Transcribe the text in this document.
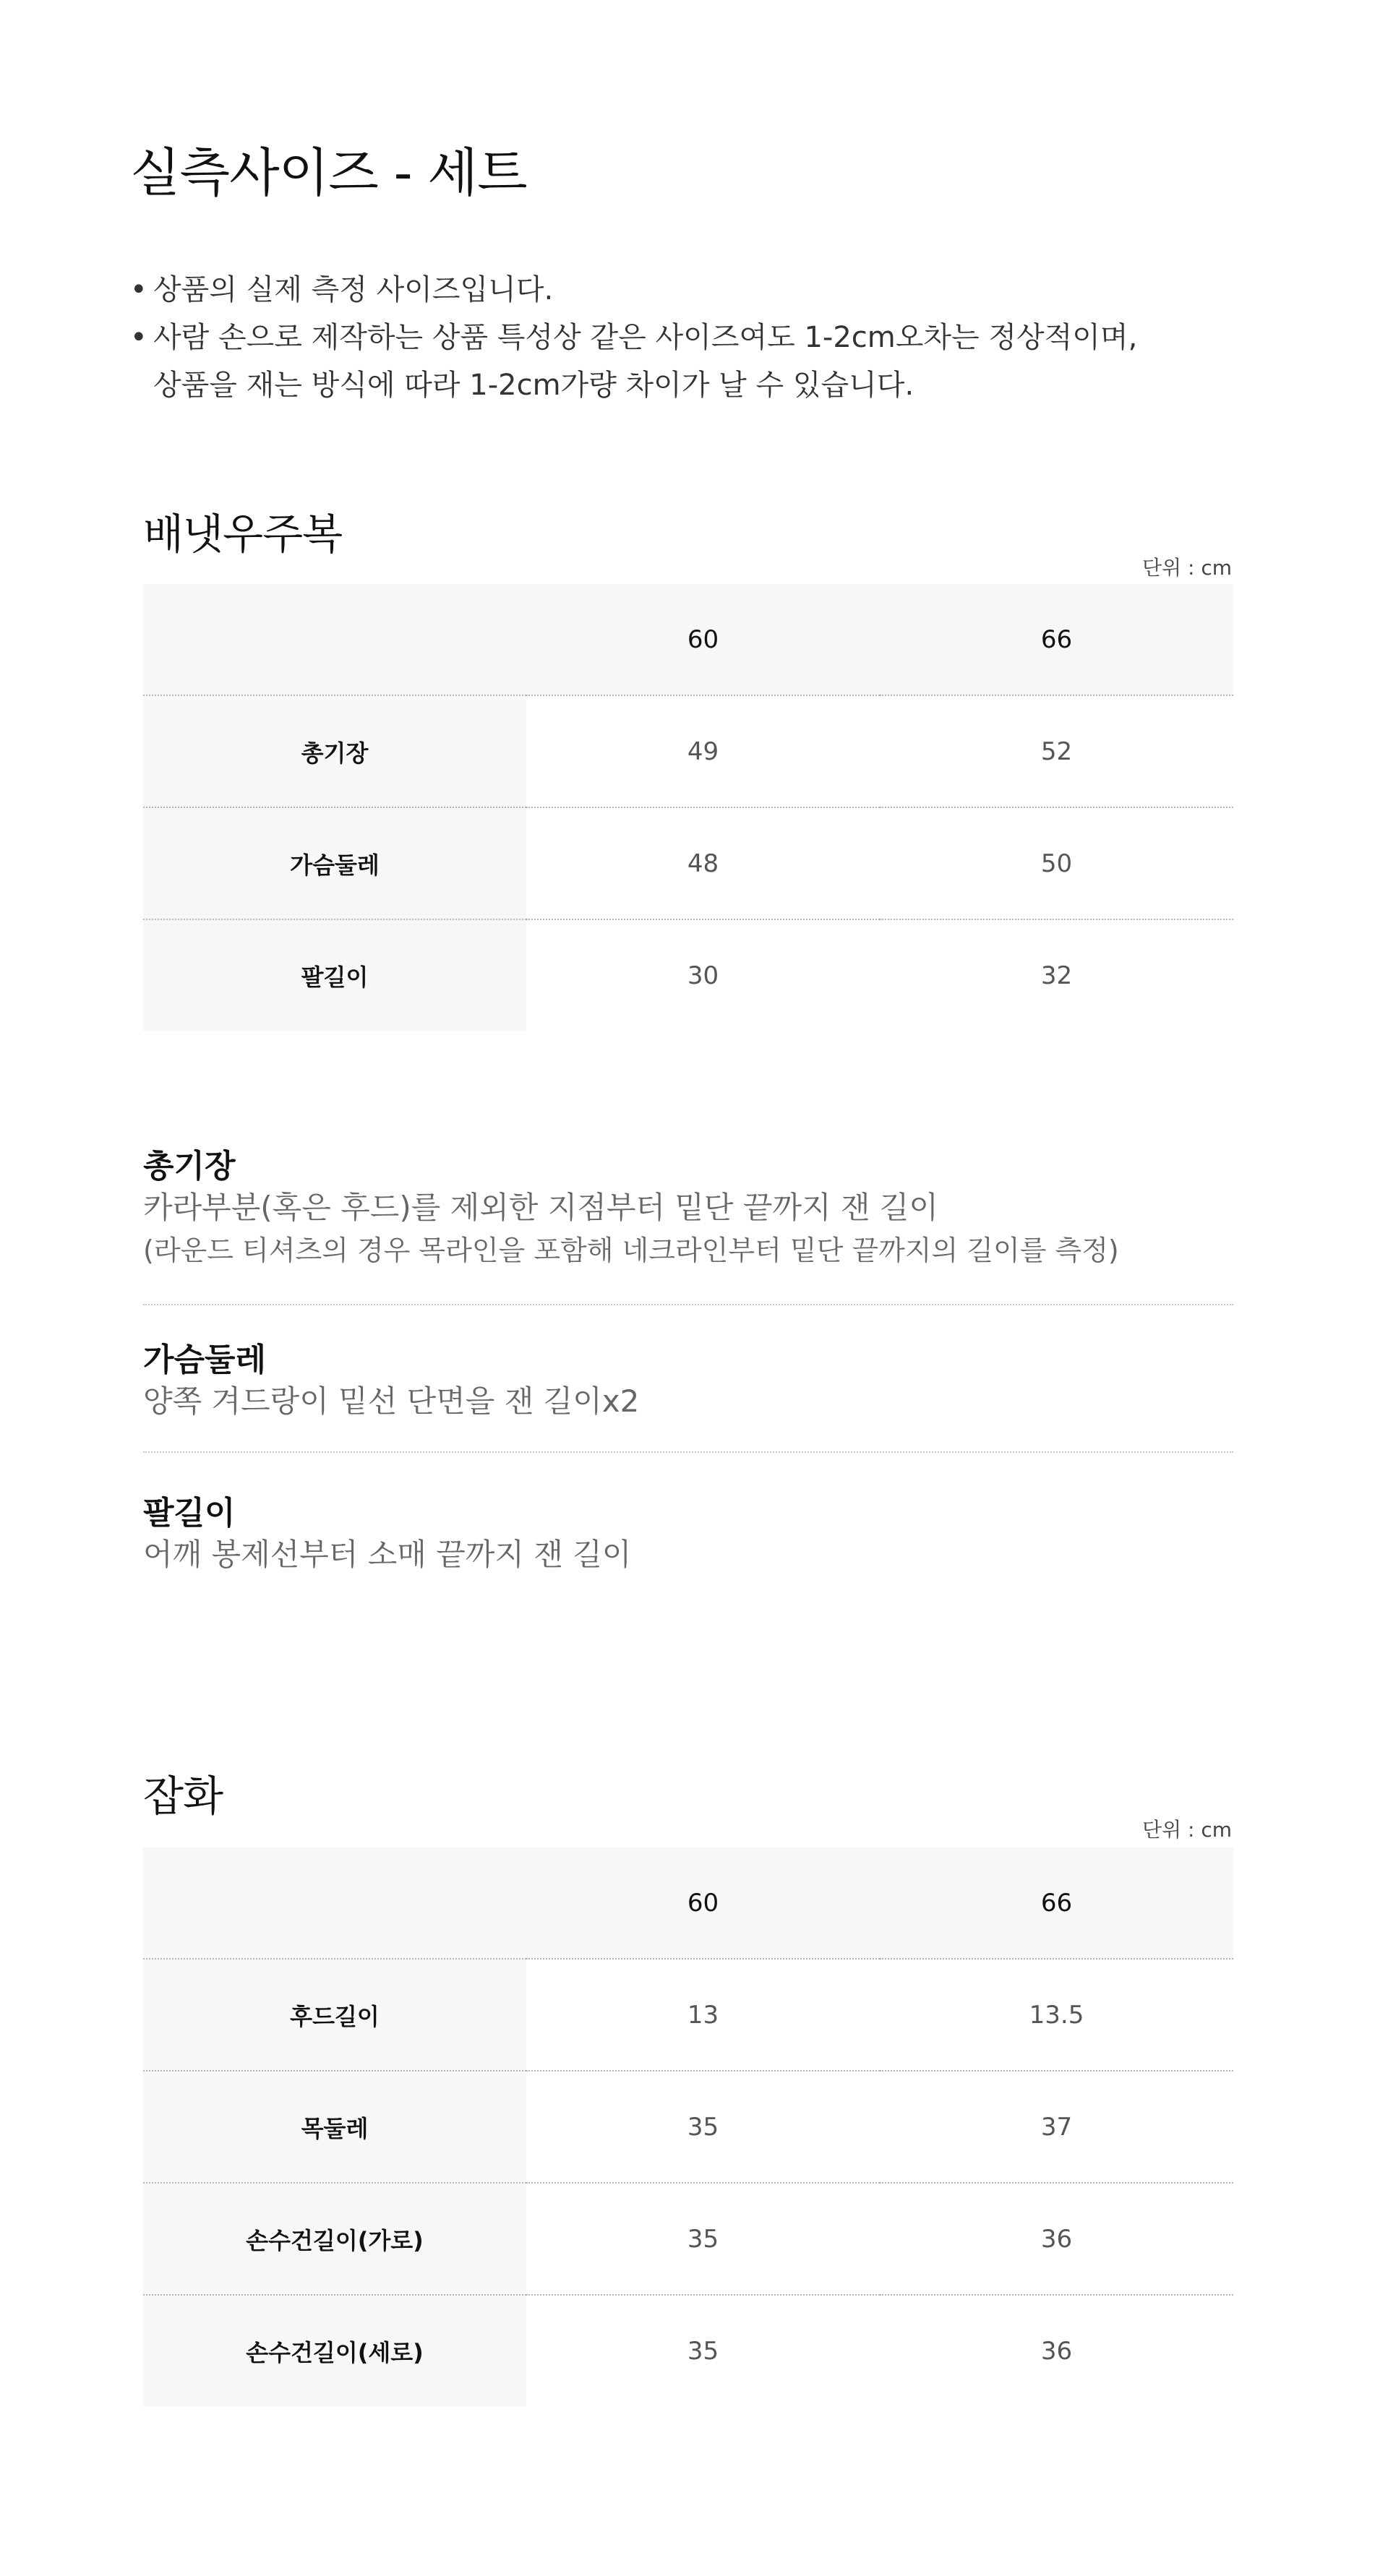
실측사이즈 - 세트
• 상품의 실제 측정 사이즈입니다.
• 사람 손으로 제작하는 상품 특성상 같은 사이즈여도 1-2cm오차는 정상적이며,
상품을 재는 방식에 따라 1-2cm가량 차이가 날 수 있습니다.
배냇우주복
단위 : cm
	60	66
총기장	49	52
가슴둘레	48	50
팔길이	30	32
총기장
카라부분(혹은 후드)를 제외한 지점부터 밑단 끝까지 잰 길이
(라운드 티셔츠의 경우 목라인을 포함해 네크라인부터 밑단 끝까지의 길이를 측정)
가슴둘레
양쪽 겨드랑이 밑선 단면을 잰 길이x2
팔길이
어깨 봉제선부터 소매 끝까지 잰 길이
잡화
단위 : cm
	60	66
후드길이	13	13.5
목둘레	35	37
손수건길이(가로)	35	36
손수건길이(세로)	35	36
